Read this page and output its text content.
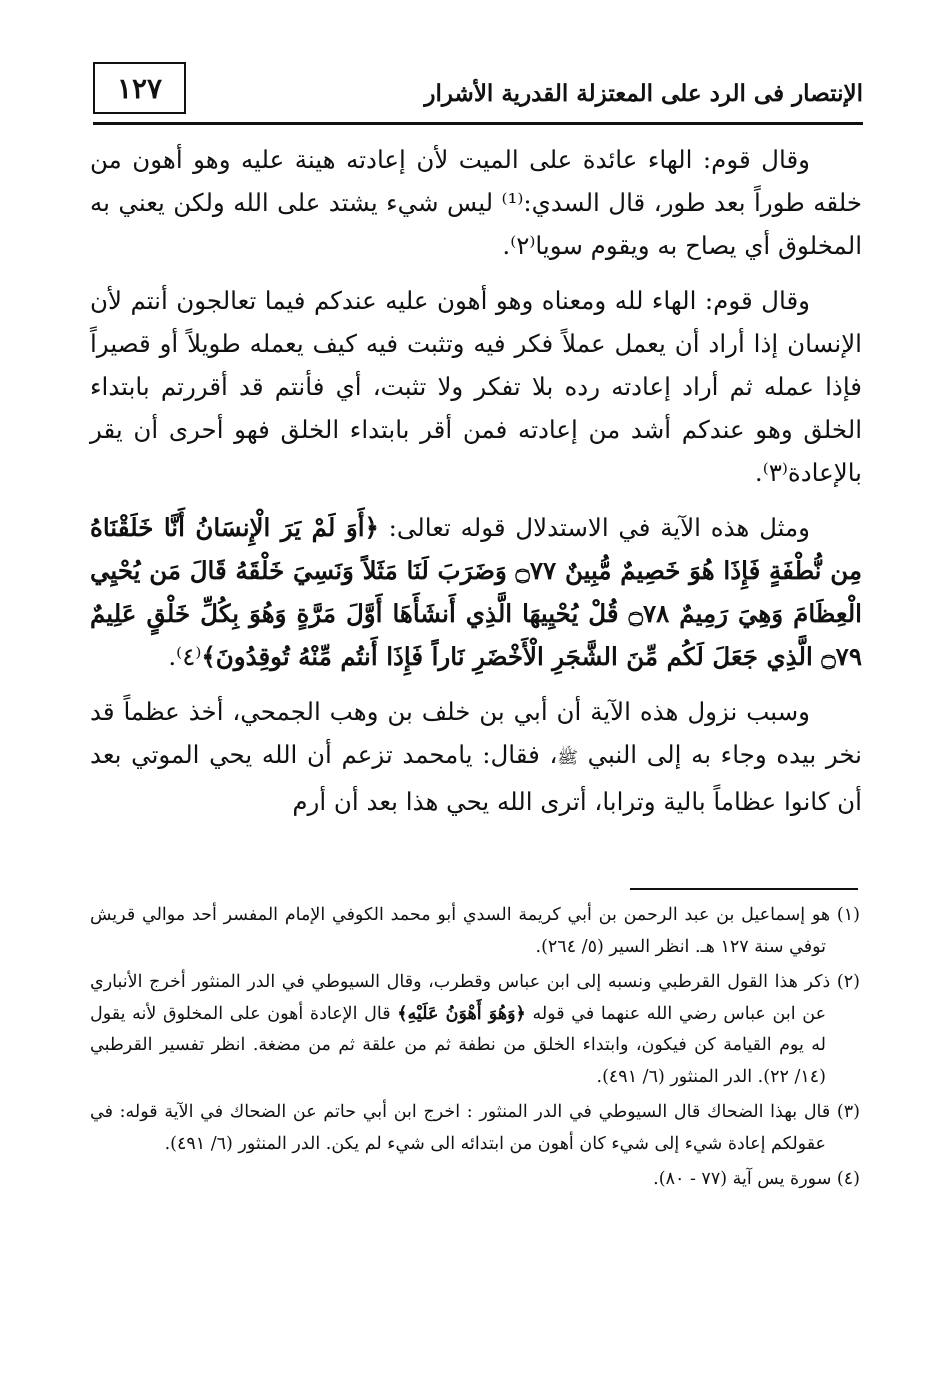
١٢٧	الإنتصار فى الرد على المعتزلة القدرية الأشرار

وقال قوم: الهاء عائدة على الميت لأن إعادته هينة عليه وهو أهون من خلقه طوراً بعد طور، قال السدي:⁽¹⁾ ليس شيء يشتد على الله ولكن يعني به المخلوق أي يصاح به ويقوم سويا⁽٢⁾.

وقال قوم: الهاء لله ومعناه وهو أهون عليه عندكم فيما تعالجون أنتم لأن الإنسان إذا أراد أن يعمل عملاً فكر فيه وتثبت فيه كيف يعمله طويلاً أو قصيراً فإذا عمله ثم أراد إعادته رده بلا تفكر ولا تثبت، أي فأنتم قد أقررتم بابتداء الخلق وهو عندكم أشد من إعادته فمن أقر بابتداء الخلق فهو أحرى أن يقر بالإعادة⁽٣⁾.

ومثل هذه الآية في الاستدلال قوله تعالى: ﴿أَوَ لَمْ يَرَ الْإِنسَانُ أَنَّا خَلَقْنَاهُ مِن نُّطْفَةٍ فَإِذَا هُوَ خَصِيمٌ مُّبِينٌ ۝٧٧ وَضَرَبَ لَنَا مَثَلاً وَنَسِيَ خَلْقَهُ قَالَ مَن يُحْيِي الْعِظَامَ وَهِيَ رَمِيمٌ ۝٧٨ قُلْ يُحْيِيهَا الَّذِي أَنشَأَهَا أَوَّلَ مَرَّةٍ وَهُوَ بِكُلِّ خَلْقٍ عَلِيمٌ ۝٧٩ الَّذِي جَعَلَ لَكُم مِّنَ الشَّجَرِ الْأَخْضَرِ نَاراً فَإِذَا أَنتُم مِّنْهُ تُوقِدُونَ﴾⁽٤⁾.

وسبب نزول هذه الآية أن أبي بن خلف بن وهب الجمحي، أخذ عظماً قد نخر بيده وجاء به إلى النبي ﷺ، فقال: يامحمد تزعم أن الله يحي الموتي بعد أن كانوا عظاماً بالية وترابا، أترى الله يحي هذا بعد أن أرم

(١) هو إسماعيل بن عبد الرحمن بن أبي كريمة السدي أبو محمد الكوفي الإمام المفسر أحد موالي قريش توفي سنة ١٢٧ هـ. انظر السير (٥/ ٢٦٤).

(٢) ذكر هذا القول القرطبي ونسبه إلى ابن عباس وقطرب، وقال السيوطي في الدر المنثور أخرج الأنباري عن ابن عباس رضي الله عنهما في قوله ﴿وَهُوَ أَهْوَنُ عَلَيْهِ﴾ قال الإعادة أهون على المخلوق لأنه يقول له يوم القيامة كن فيكون، وابتداء الخلق من نطفة ثم من علقة ثم من مضغة. انظر تفسير القرطبي (١٤/ ٢٢). الدر المنثور (٦/ ٤٩١).

(٣) قال بهذا الضحاك قال السيوطي في الدر المنثور : اخرج ابن أبي حاتم عن الضحاك في الآية قوله: في عقولكم إعادة شيء إلى شيء كان أهون من ابتدائه الى شيء لم يكن. الدر المنثور (٦/ ٤٩١).

(٤) سورة يس آية (٧٧ - ٨٠).
